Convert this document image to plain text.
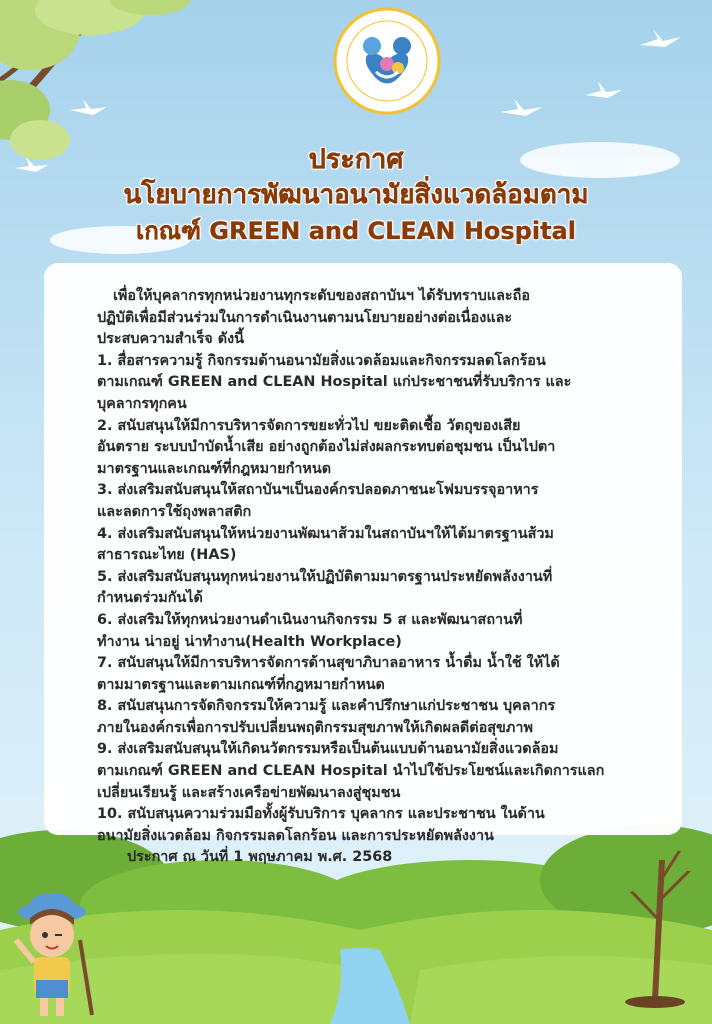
ประกาศ
นโยบายการพัฒนาอนามัยสิ่งแวดล้อมตาม
เกณฑ์ GREEN and CLEAN Hospital
เพื่อให้บุคลากรทุกหน่วยงานทุกระดับของสถาบันฯ ได้รับทราบและถือ
ปฏิบัติเพื่อมีส่วนร่วมในการดำเนินงานตามนโยบายอย่างต่อเนื่องและ
ประสบความสำเร็จ ดังนี้
1. สื่อสารความรู้ กิจกรรมด้านอนามัยสิ่งแวดล้อมและกิจกรรมลดโลกร้อน
ตามเกณฑ์ GREEN and CLEAN Hospital แก่ประชาชนที่รับบริการ และ
บุคลากรทุกคน
2. สนับสนุนให้มีการบริหารจัดการขยะทั่วไป ขยะติดเชื้อ วัตถุของเสีย
อันตราย ระบบบำบัดน้ำเสีย อย่างถูกต้องไม่ส่งผลกระทบต่อชุมชน เป็นไปตา
มาตรฐานและเกณฑ์ที่กฎหมายกำหนด
3. ส่งเสริมสนับสนุนให้สถาบันฯเป็นองค์กรปลอดภาชนะโฟมบรรจุอาหาร
และลดการใช้ถุงพลาสติก
4. ส่งเสริมสนับสนุนให้หน่วยงานพัฒนาส้วมในสถาบันฯให้ได้มาตรฐานส้วม
สาธารณะไทย (HAS)
5. ส่งเสริมสนับสนุนทุกหน่วยงานให้ปฏิบัติตามมาตรฐานประหยัดพลังงานที่
กำหนดร่วมกันได้
6. ส่งเสริมให้ทุกหน่วยงานดำเนินงานกิจกรรม 5 ส และพัฒนาสถานที่
ทำงาน น่าอยู่ น่าทำงาน(Health Workplace)
7. สนับสนุนให้มีการบริหารจัดการด้านสุขาภิบาลอาหาร น้ำดื่ม น้ำใช้ ให้ได้
ตามมาตรฐานและตามเกณฑ์ที่กฎหมายกำหนด
8. สนับสนุนการจัดกิจกรรมให้ความรู้ และคำปรึกษาแก่ประชาชน บุคลากร
ภายในองค์กรเพื่อการปรับเปลี่ยนพฤติกรรมสุขภาพให้เกิดผลดีต่อสุขภาพ
9. ส่งเสริมสนับสนุนให้เกิดนวัตกรรมหรือเป็นต้นแบบด้านอนามัยสิ่งแวดล้อม
ตามเกณฑ์ GREEN and CLEAN Hospital นำไปใช้ประโยชน์และเกิดการแลก
เปลี่ยนเรียนรู้ และสร้างเครือข่ายพัฒนาลงสู่ชุมชน
10. สนับสนุนความร่วมมือทั้งผู้รับบริการ บุคลากร และประชาชน ในด้าน
อนามัยสิ่งแวดล้อม กิจกรรมลดโลกร้อน และการประหยัดพลังงาน
ประกาศ ณ วันที่ 1 พฤษภาคม พ.ศ. 2568
